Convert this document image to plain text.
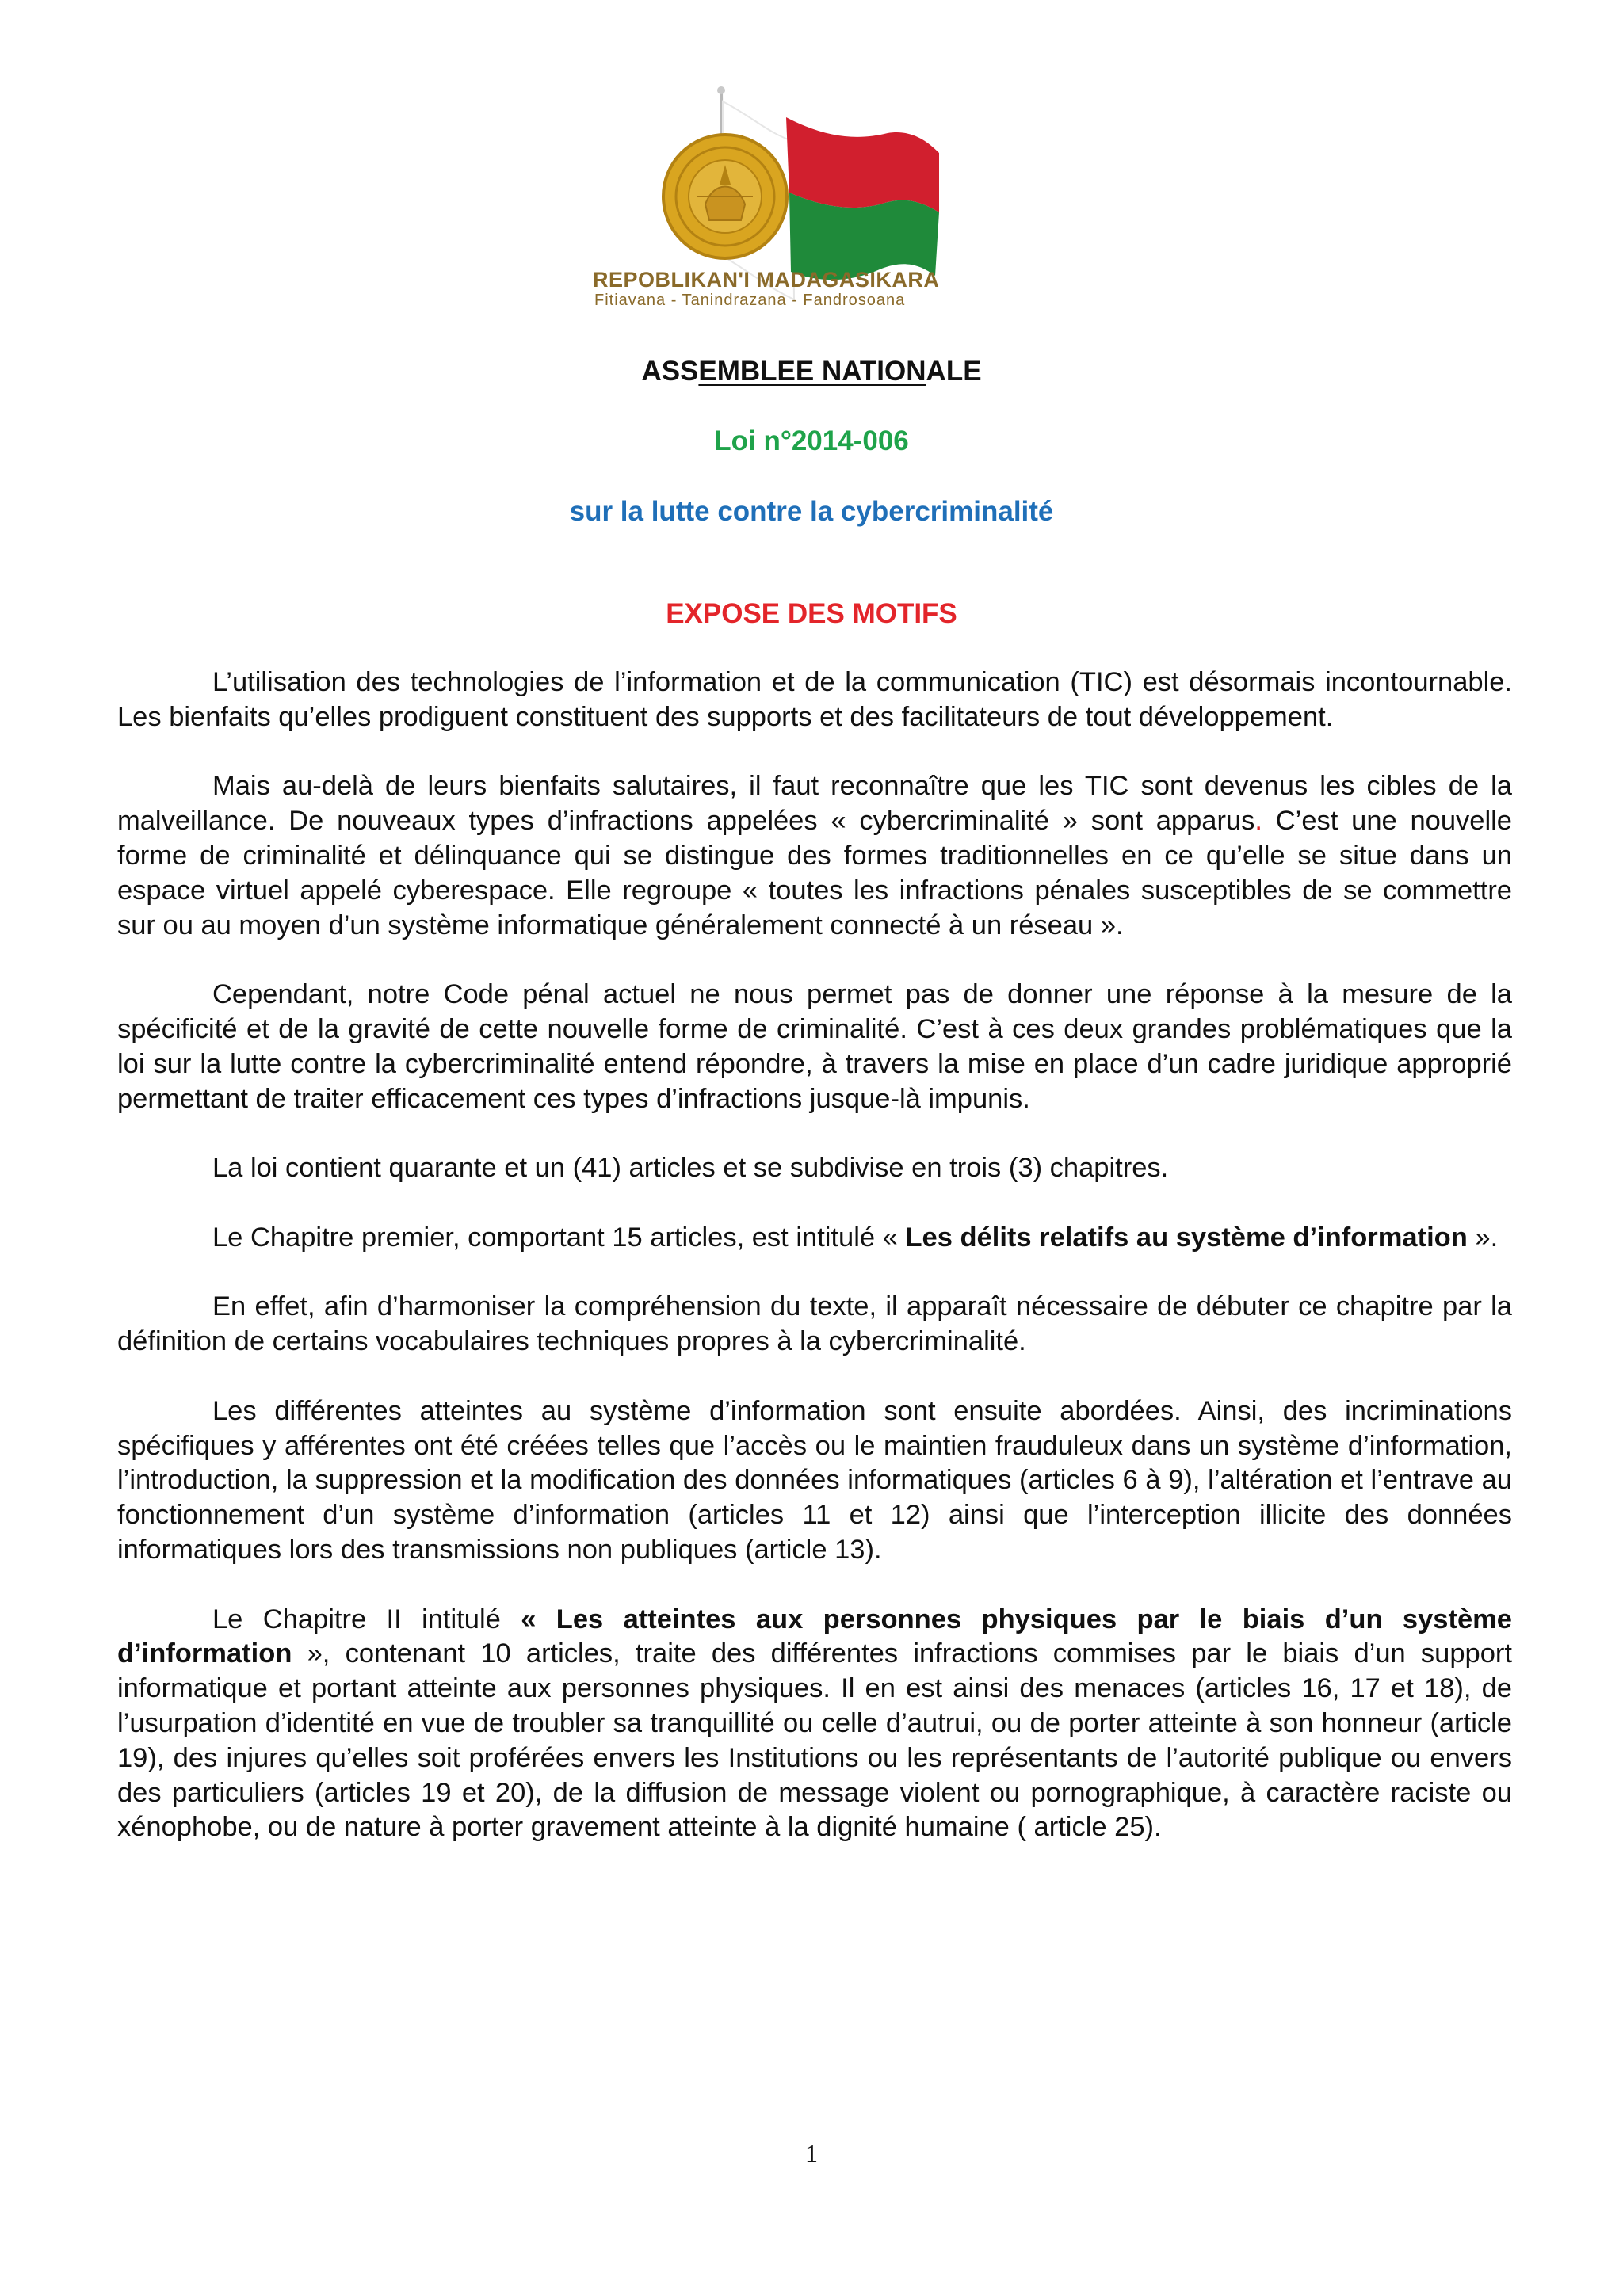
REPOBLIKAN'I MADAGASIKARA
Fitiavana - Tanindrazana - Fandrosoana
ASSEMBLEE NATIONALE
Loi n°2014-006
sur la lutte contre la cybercriminalité
EXPOSE DES MOTIFS

L’utilisation des technologies de l’information et de la communication (TIC) est désormais incontournable. Les bienfaits qu’elles prodiguent constituent des supports et des facilitateurs de tout développement.

Mais au-delà de leurs bienfaits salutaires, il faut reconnaître que les TIC sont devenus les cibles de la malveillance. De nouveaux types d’infractions appelées « cybercriminalité » sont apparus. C’est une nouvelle forme de criminalité et délinquance qui se distingue des formes traditionnelles en ce qu’elle se situe dans un espace virtuel appelé cyberespace. Elle regroupe « toutes les infractions pénales susceptibles de se commettre sur ou au moyen d’un système informatique généralement connecté à un réseau ».

Cependant, notre Code pénal actuel ne nous permet pas de donner une réponse à la mesure de la spécificité et de la gravité de cette nouvelle forme de criminalité. C’est à ces deux grandes problématiques que la loi sur la lutte contre la cybercriminalité entend répondre, à travers la mise en place d’un cadre juridique approprié permettant de traiter efficacement ces types d’infractions jusque-là impunis.

La loi contient quarante et un (41) articles et se subdivise en trois (3) chapitres.

Le Chapitre premier, comportant 15 articles, est intitulé « Les délits relatifs au système d’information ».

En effet, afin d’harmoniser la compréhension du texte, il apparaît nécessaire de débuter ce chapitre par la définition de certains vocabulaires techniques propres à la cybercriminalité.

Les différentes atteintes au système d’information sont ensuite abordées. Ainsi, des incriminations spécifiques y afférentes ont été créées telles que l’accès ou le maintien frauduleux dans un système d’information, l’introduction, la suppression et la modification des données informatiques (articles 6 à 9), l’altération et l’entrave au fonctionnement d’un système d’information (articles 11 et 12) ainsi que l’interception illicite des données informatiques lors des transmissions non publiques (article 13).

Le Chapitre II intitulé « Les atteintes aux personnes physiques par le biais d’un système d’information », contenant 10 articles, traite des différentes infractions commises par le biais d’un support informatique et portant atteinte aux personnes physiques. Il en est ainsi des menaces (articles 16, 17 et 18), de l’usurpation d’identité en vue de troubler sa tranquillité ou celle d’autrui, ou de porter atteinte à son honneur (article 19), des injures qu’elles soit proférées envers les Institutions ou les représentants de l’autorité publique ou envers des particuliers (articles 19 et 20), de la diffusion de message violent ou pornographique, à caractère raciste ou xénophobe, ou de nature à porter gravement atteinte à la dignité humaine ( article 25).

1
